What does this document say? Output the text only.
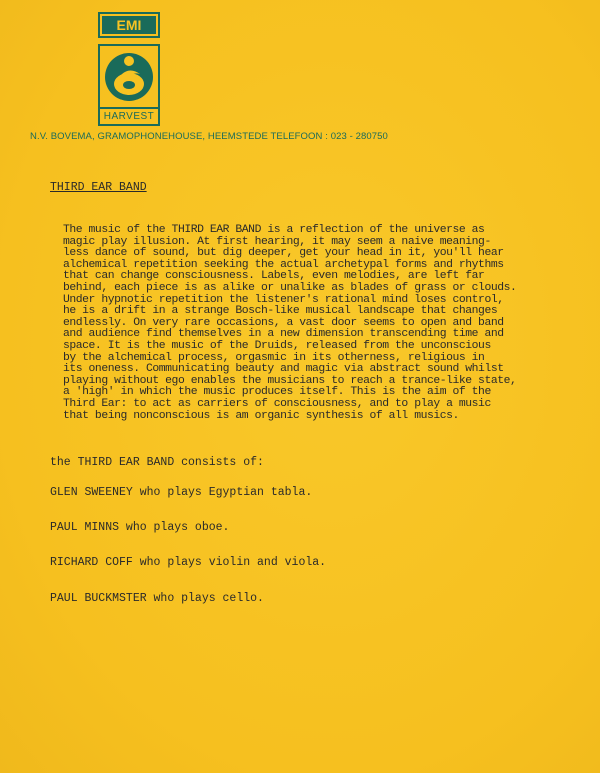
EMI
HARVEST
N.V. BOVEMA, GRAMOPHONEHOUSE, HEEMSTEDE TELEFOON : 023 - 280750
THIRD EAR BAND
The music of the THIRD EAR BAND is a reflection of the universe as
magic play illusion. At first hearing, it may seem a naive meaning-
less dance of sound, but dig deeper, get your head in it, you'll hear
alchemical repetition seeking the actual archetypal forms and rhythms
that can change consciousness. Labels, even melodies, are left far
behind, each piece is as alike or unalike as blades of grass or clouds.
Under hypnotic repetition the listener's rational mind loses control,
he is a drift in a strange Bosch-like musical landscape that changes
endlessly. On very rare occasions, a vast door seems to open and band
and audience find themselves in a new dimension transcending time and
space. It is the music of the Druids, released from the unconscious
by the alchemical process, orgasmic in its otherness, religious in
its oneness. Communicating beauty and magic via abstract sound whilst
playing without ego enables the musicians to reach a trance-like state,
a 'high' in which the music produces itself. This is the aim of the
Third Ear: to act as carriers of consciousness, and to play a music
that being nonconscious is am organic synthesis of all musics.
the THIRD EAR BAND consists of:
GLEN SWEENEY who plays Egyptian tabla.
PAUL MINNS who plays oboe.
RICHARD COFF who plays violin and viola.
PAUL BUCKMSTER who plays cello.
